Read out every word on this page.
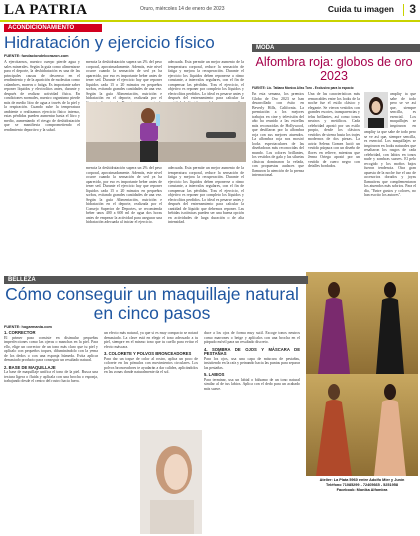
LA PATRIA	Oruro, miércoles 14 de enero de 2023	Cuida tu imagen 3
ACONDICIONAMIENTO
Hidratación y ejercicio físico
FUENTE: fundaciondelcorazon.com
A ejercitarnos, nuestro cuerpo pierde agua y sales minerales. Según la guía como alimentarse para el deporte, la deshidratación es una de las principales causas de descenso en el rendimiento y de la aparición de molestias como calambres, mareos o fatiga. Es importante saber reponer líquidos y electrolitos antes, durante y después de realizar actividad física. En condiciones normales, nuestro organismo pierde más de medio litro de agua a través de la piel y la respiración. Cuando sube la temperatura ambiente o realizamos ejercicio físico intenso, estas pérdidas pueden aumentar hasta el litro y medio, aumentando el riesgo de deshidratación que se manifiesta comprometiendo el rendimiento deportivo y la salud.
mencia la deshidratación supera un 2% del peso corporal, aproximadamente. Además, este nivel ocurre cuando la sensación de sed ya ha aparecido, por eso es importante beber antes de tener sed. Durante el ejercicio hay que reponer líquidos cada 15 o 20 minutos en pequeños sorbos, evitando grandes cantidades de una vez. Según la guía Alimentación, nutrición e hidratación en el deporte, realizada por el
adecuada. Esta permite un mejor aumento de la temperatura corporal, reduce la sensación de fatiga y mejora la recuperación. Durante el ejercicio los líquidos deben reponerse a ritmo constante, a intervalos regulares, con el fin de compensar las pérdidas. Tras el ejercicio, el objetivo es reponer por completo los líquidos y electrolitos perdidos. Lo ideal es pesarse antes y después del entrenamiento para calcular la
mencia la deshidratación supera un 2% del peso corporal, aproximadamente. Además, este nivel ocurre cuando la sensación de sed ya ha aparecido, por eso es importante beber antes de tener sed. Durante el ejercicio hay que reponer líquidos cada 15 o 20 minutos en pequeños sorbos, evitando grandes cantidades de una vez. Según la guía Alimentación, nutrición e hidratación en el deporte, realizada por el Consejo Superior de Deportes, se recomienda beber unos 400 a 600 ml de agua dos horas antes de empezar la actividad para asegurar una hidratación adecuada al iniciar el ejercicio.
adecuada. Esta permite un mejor aumento de la temperatura corporal, reduce la sensación de fatiga y mejora la recuperación. Durante el ejercicio los líquidos deben reponerse a ritmo constante, a intervalos regulares, con el fin de compensar las pérdidas. Tras el ejercicio, el objetivo es reponer por completo los líquidos y electrolitos perdidos. Lo ideal es pesarse antes y después del entrenamiento para calcular la cantidad de líquido que debemos reponer. Las bebidas isotónicas pueden ser una buena opción en actividades de larga duración o de alta intensidad.
MODA
Alfombra roja: globos de oro 2023
FUENTE: Lic. Tatiana Monica Aliss Toro - Exclusivo para la espacio
En esta semana, los premios Globo de Oro 2023 se han desarrollado con éxito en Beverly Hills, California. La premiación a los mejores trabajos en cine y televisión del año ha reunido a las estrellas más reconocidas de Hollywood, que desfilaron por la alfombra roja con sus mejores atuendos. La alfombra roja nos mostró looks espectaculares de las diseñadoras más reconocidas del mundo. Los colores brillantes, los vestidos de gala y las siluetas clásicas dominaron la velada, con propuestas audaces que llamaron la atención de la prensa internacional.
Una de las características más remarcables entre los looks de la noche fue el estilo clásico y elegante. Se vieron vestidos con grandes escotes, transparencias y telas brillantes, así como tonos neutros y metálicos. Cada celebridad apostó por un estilo propio, desde los clásicos vestidos de sirena hasta los trajes modernos de dos piezas. La actriz Selena Gomez lució un vestido púrpura con un diseño de flores en relieve, mientras que Jenna Ortega apostó por un vestido de cuero negro con detalles bordados.
ampliq- ta que sabe de todo pero se ve así que, siempre sencilla, es esencial. Los maquillajes se inspiraron en
ampliq- ta que sabe de todo pero se ve así que, siempre sencilla, es esencial. Los maquillajes se inspiraron en looks naturales que resaltaron los rasgos de cada celebridad, con labios en tonos nude y sombras suaves. El pelo recogido y los moños bajos fueron tendencia. Otra gran apuesta de la noche fue el uso de accesorios dorados y joyas llamativas que complementaron los atuendos más sobrios. Para el día, "Entre gustos y colores, no han escrito los autores".
Atelier: La Plata 5960 entre Adolfo Mier y Junín
Teléfono 71085299 - 72405665 - 5251958
Facebook: Monika Alfombra
BELLEZA
Cómo conseguir un maquillaje natural en cinco pasos
FUENTE: hogarmania.com
1. CORRECTOR
El primer paso consiste en disimular pequeñas imperfecciones como las ojeras o manchas en la piel. Para ello, elige un corrector de un tono más claro que tu piel y aplícalo con pequeños toques, difuminándolo con la yema de los dedos o con una esponja húmeda. Evita aplicar demasiado producto para conseguir un resultado natural.
2. BASE DE MAQUILLAJE
La base de maquillaje unifica el tono de la piel. Busca una textura ligera o fluida y aplícala con una brocha o esponja, trabajando desde el centro del rostro hacia fuera.
un efecto más natural, ya que si es muy compacto se notará demasiado. La clave está en elegir el tono adecuado a tu piel, siempre en el mismo tono que tu cuello para evitar el efecto máscara.
3. COLORETE Y POLVOS BRONCEADORES
Para dar un toque de color al rostro, aplica un poco de colorete en los pómulos con movimientos circulares. Los polvos bronceadores te ayudarán a dar calidez, aplicándolos en las zonas donde naturalmente da el sol.
duce a los ojos de forma muy sutil. Escoge tonos neutros como marrones o beige y aplícalos con una brocha en el párpado móvil para un resultado discreto.
4. SOMBRA DE OJOS Y MÁSCARA DE PESTAÑAS
Para los ojos, usa una capa de máscara de pestañas, insistiendo en la raíz y peinando hacia las puntas para separar las pestañas.
5. LABIOS
Para terminar, usa un labial o bálsamo de un tono natural similar al de tus labios. Aplica con el dedo para un acabado más suave.
